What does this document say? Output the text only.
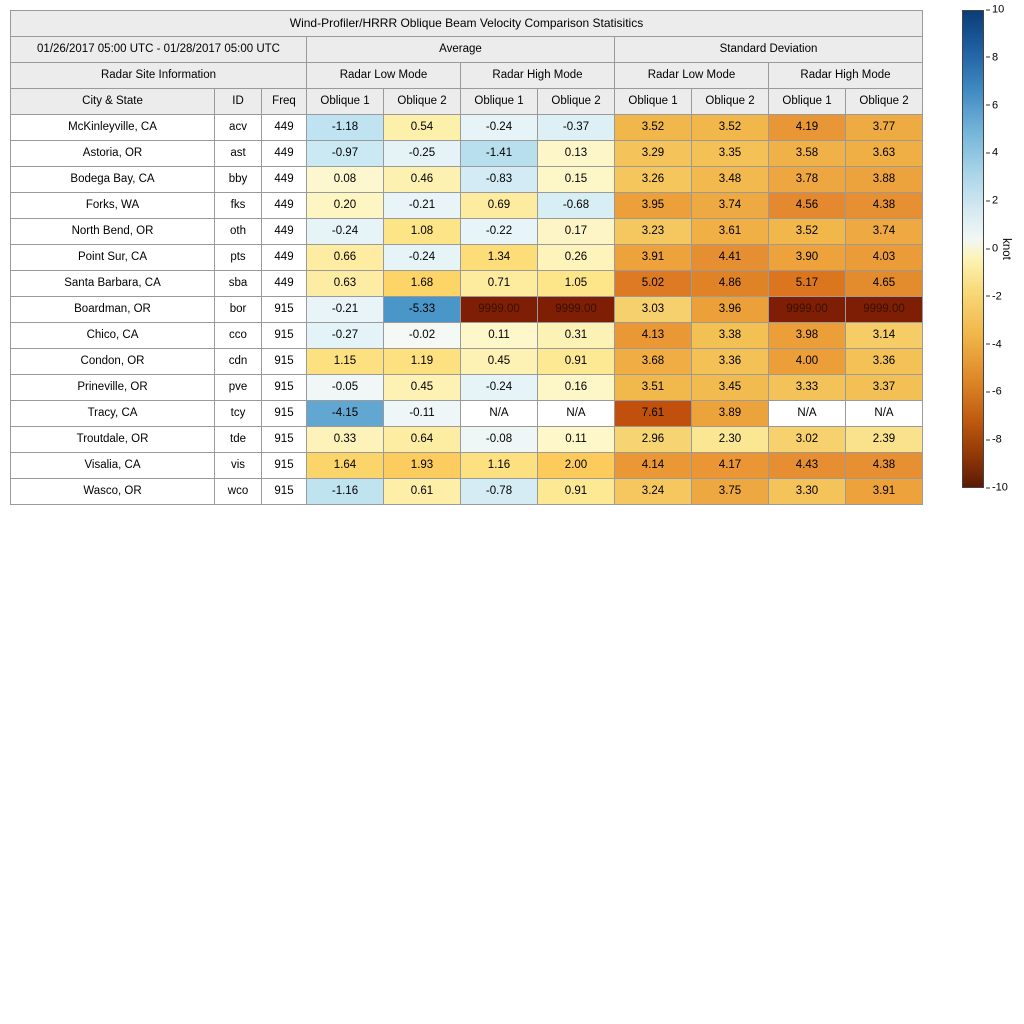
Wind-Profiler/HRRR Oblique Beam Velocity Comparison Statisitics										
01/26/2017 05:00 UTC - 01/28/2017 05:00 UTC			Average				Standard Deviation			
Radar Site Information			Radar Low Mode		Radar High Mode		Radar Low Mode		Radar High Mode	
City & State	ID	Freq	Oblique 1	Oblique 2	Oblique 1	Oblique 2	Oblique 1	Oblique 2	Oblique 1	Oblique 2
McKinleyville, CA	acv	449	-1.18	0.54	-0.24	-0.37	3.52	3.52	4.19	3.77
Astoria, OR	ast	449	-0.97	-0.25	-1.41	0.13	3.29	3.35	3.58	3.63
Bodega Bay, CA	bby	449	0.08	0.46	-0.83	0.15	3.26	3.48	3.78	3.88
Forks, WA	fks	449	0.20	-0.21	0.69	-0.68	3.95	3.74	4.56	4.38
North Bend, OR	oth	449	-0.24	1.08	-0.22	0.17	3.23	3.61	3.52	3.74
Point Sur, CA	pts	449	0.66	-0.24	1.34	0.26	3.91	4.41	3.90	4.03
Santa Barbara, CA	sba	449	0.63	1.68	0.71	1.05	5.02	4.86	5.17	4.65
Boardman, OR	bor	915	-0.21	-5.33	9999.00	9999.00	3.03	3.96	9999.00	9999.00
Chico, CA	cco	915	-0.27	-0.02	0.11	0.31	4.13	3.38	3.98	3.14
Condon, OR	cdn	915	1.15	1.19	0.45	0.91	3.68	3.36	4.00	3.36
Prineville, OR	pve	915	-0.05	0.45	-0.24	0.16	3.51	3.45	3.33	3.37
Tracy, CA	tcy	915	-4.15	-0.11	N/A	N/A	7.61	3.89	N/A	N/A
Troutdale, OR	tde	915	0.33	0.64	-0.08	0.11	2.96	2.30	3.02	2.39
Visalia, CA	vis	915	1.64	1.93	1.16	2.00	4.14	4.17	4.43	4.38
Wasco, OR	wco	915	-1.16	0.61	-0.78	0.91	3.24	3.75	3.30	3.91
10
8
6
4
2
0
-2
-4
-6
-8
-10
knot
